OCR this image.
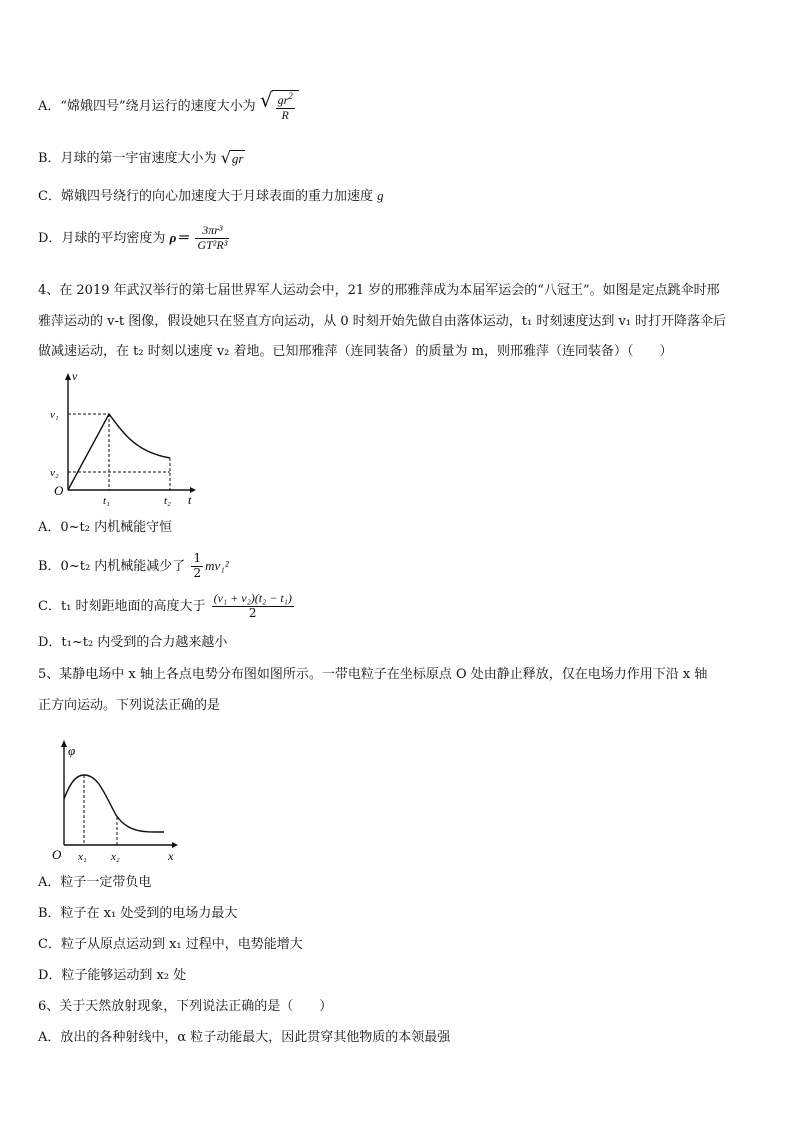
A．“嫦娥四号”绕月运行的速度大小为 √ $\frac{gr^2}{R}$
B．月球的第一宇宙速度大小为 √ gr
C．嫦娥四号绕行的向心加速度大于月球表面的重力加速度 g
D．月球的平均密度为 $\rho= \frac{\text{3πr³}}{\text{GT²R³}}$
4、在 2019 年武汉举行的第七届世界军人运动会中，21 岁的邢雅萍成为本届军运会的“八冠王”。如图是定点跳伞时邢
雅萍运动的 v-t 图像，假设她只在竖直方向运动，从 0 时刻开始先做自由落体运动，t₁ 时刻速度达到 v₁ 时打开降落伞后
做减速运动，在 t₂ 时刻以速度 v₂ 着地。已知邢雅萍（连同装备）的质量为 m，则邢雅萍（连同装备）（　　）
v
t
O
v₁
v₂
t₁	t₂
A．0~t₂ 内机械能守恒
B．0~t₂ 内机械能减少了 $\frac{1}{2} mv_1^2$
C．t₁ 时刻距地面的高度大于 $\frac{\text{(v₁ + v₂)(t₂ − t₁)}}{2}$
D．t₁~t₂ 内受到的合力越来越小
5、某静电场中 x 轴上各点电势分布图如图所示。一带电粒子在坐标原点 O 处由静止释放，仅在电场力作用下沿 x 轴
正方向运动。下列说法正确的是
φ
x
O x₁ x₂
A．粒子一定带负电
B．粒子在 x₁ 处受到的电场力最大
C．粒子从原点运动到 x₁ 过程中，电势能增大
D．粒子能够运动到 x₂ 处
6、关于天然放射现象，下列说法正确的是（　　）
A．放出的各种射线中，α 粒子动能最大，因此贯穿其他物质的本领最强
